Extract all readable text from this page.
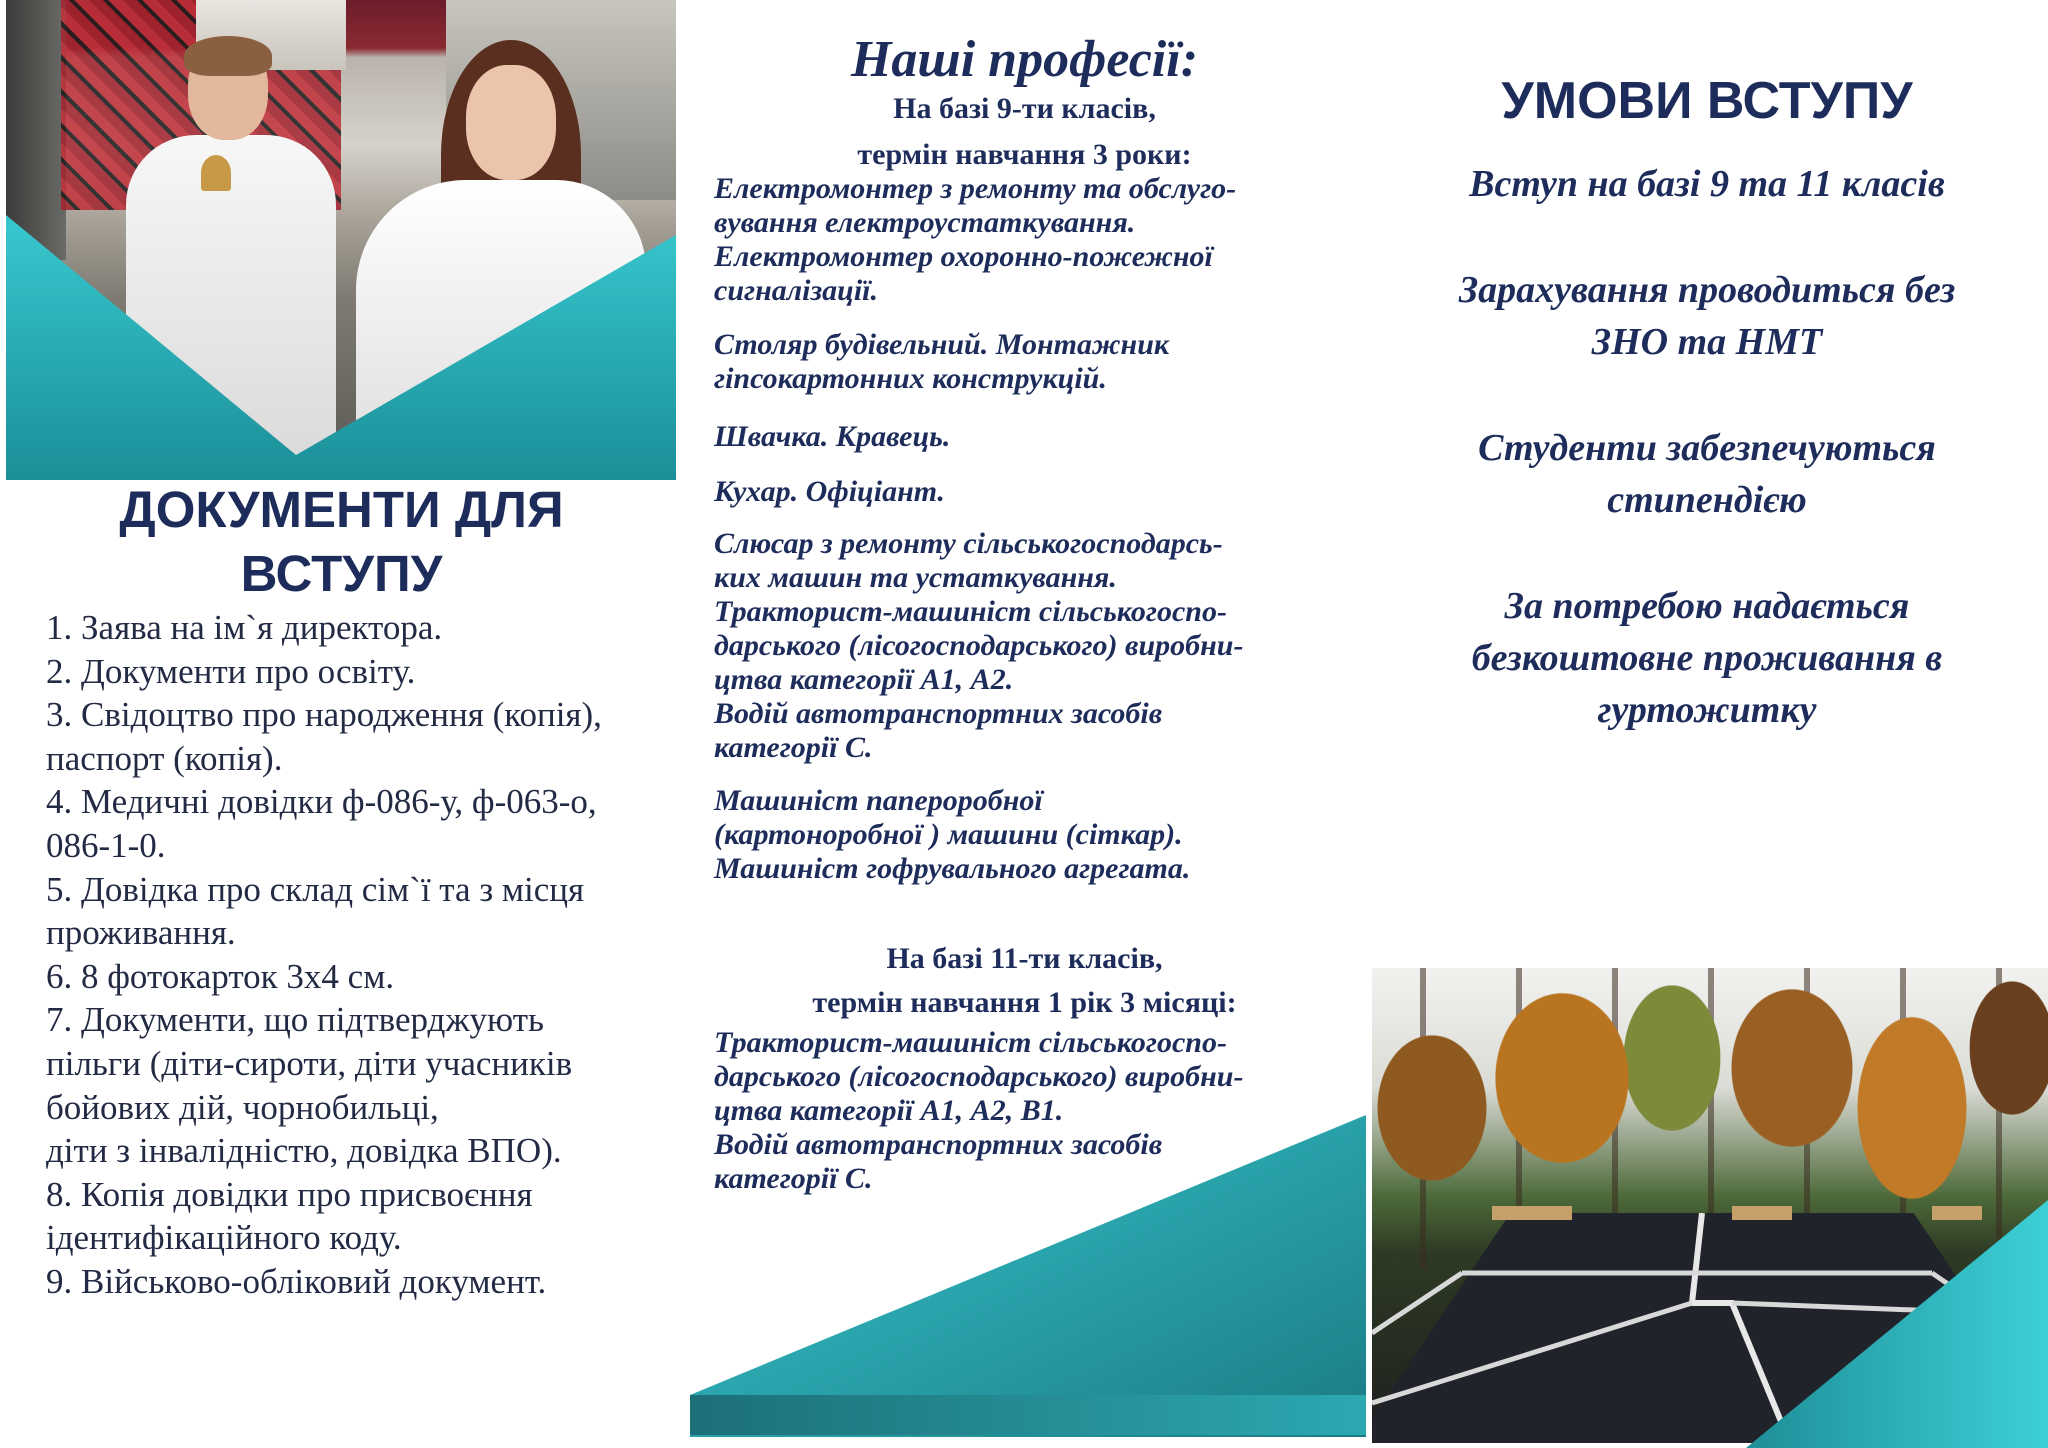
ДОКУМЕНТИ ДЛЯ
ВСТУПУ
1. Заява на ім`я директора.
2. Документи про освіту.
3. Свідоцтво про народження (копія),
паспорт (копія).
4. Медичні довідки ф-086-у, ф-063-о,
086-1-0.
5. Довідка про склад сім`ї та з місця
проживання.
6. 8 фотокарток 3х4 см.
7. Документи, що підтверджують
пільги (діти-сироти, діти учасників
бойових дій, чорнобильці,
діти з інвалідністю, довідка ВПО).
8. Копія довідки про присвоєння
ідентифікаційного коду.
9. Військово-обліковий документ.
Наші професії:
На базі 9-ти класів,
термін навчання 3 роки:
Електромонтер з ремонту та обслуго-
вування електроустаткування.
Електромонтер охоронно-пожежної
сигналізації.
Столяр будівельний. Монтажник
гіпсокартонних конструкцій.
Швачка. Кравець.
Кухар. Офіціант.
Слюсар з ремонту сільськогосподарсь-
ких машин та устаткування.
Тракторист-машиніст сільськогоспо-
дарського (лісогосподарського) виробни-
цтва категорії А1, А2.
Водій автотранспортних засобів
категорії С.
Машиніст папероробної
(картоноробної ) машини (сіткар).
Машиніст гофрувального агрегата.
На базі 11-ти класів,
термін навчання 1 рік 3 місяці:
Тракторист-машиніст сільськогоспо-
дарського (лісогосподарського) виробни-
цтва категорії А1, А2, В1.
Водій автотранспортних засобів
категорії С.
УМОВИ ВСТУПУ
Вступ на базі 9 та 11 класів
Зарахування проводиться без
ЗНО та НМТ
Студенти забезпечуються
стипендією
За потребою надається
безкоштовне проживання в
гуртожитку
